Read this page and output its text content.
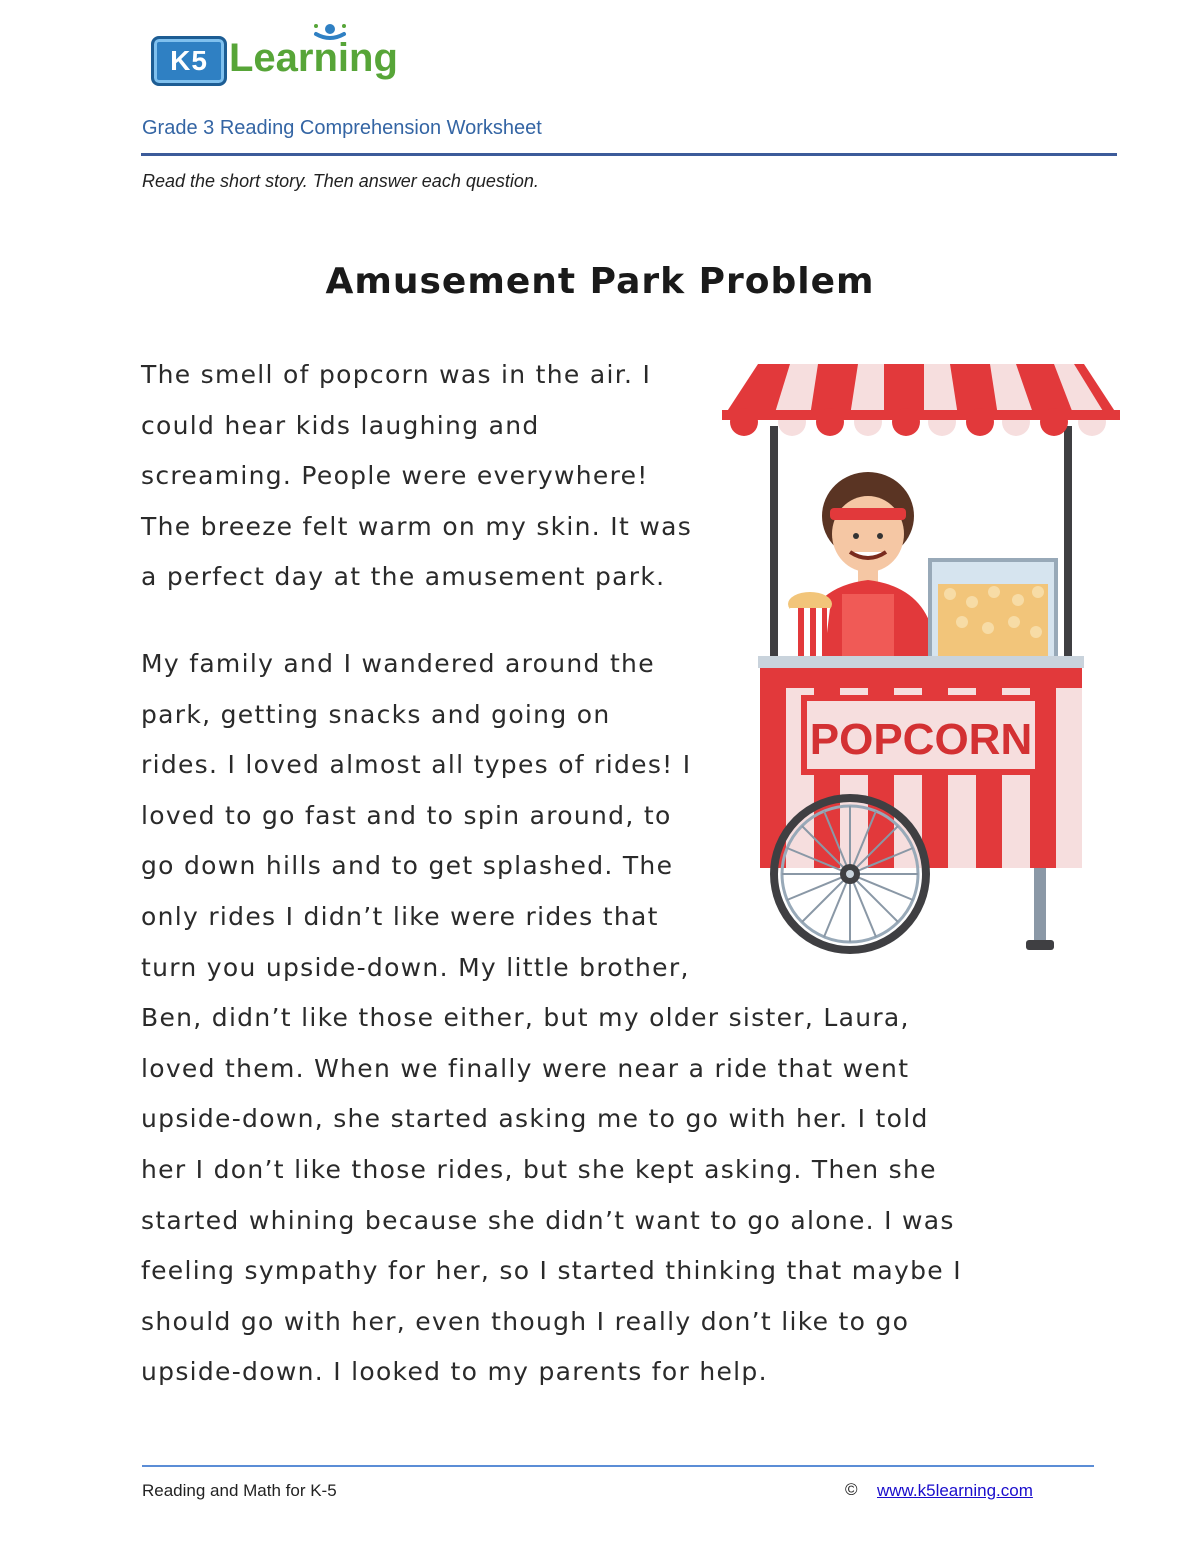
K5 Learning
Grade 3 Reading Comprehension Worksheet
Read the short story. Then answer each question.
Amusement Park Problem
The smell of popcorn was in the air. I
could hear kids laughing and
screaming. People were everywhere!
The breeze felt warm on my skin. It was
a perfect day at the amusement park.
My family and I wandered around the
park, getting snacks and going on
rides. I loved almost all types of rides! I
loved to go fast and to spin around, to
go down hills and to get splashed. The
only rides I didn’t like were rides that
turn you upside-down. My little brother,
Ben, didn’t like those either, but my older sister, Laura,
loved them. When we finally were near a ride that went
upside-down, she started asking me to go with her. I told
her I don’t like those rides, but she kept asking. Then she
started whining because she didn’t want to go alone. I was
feeling sympathy for her, so I started thinking that maybe I
should go with her, even though I really don’t like to go
upside-down. I looked to my parents for help.
POPCORN
Reading and Math for K-5	© www.k5learning.com
